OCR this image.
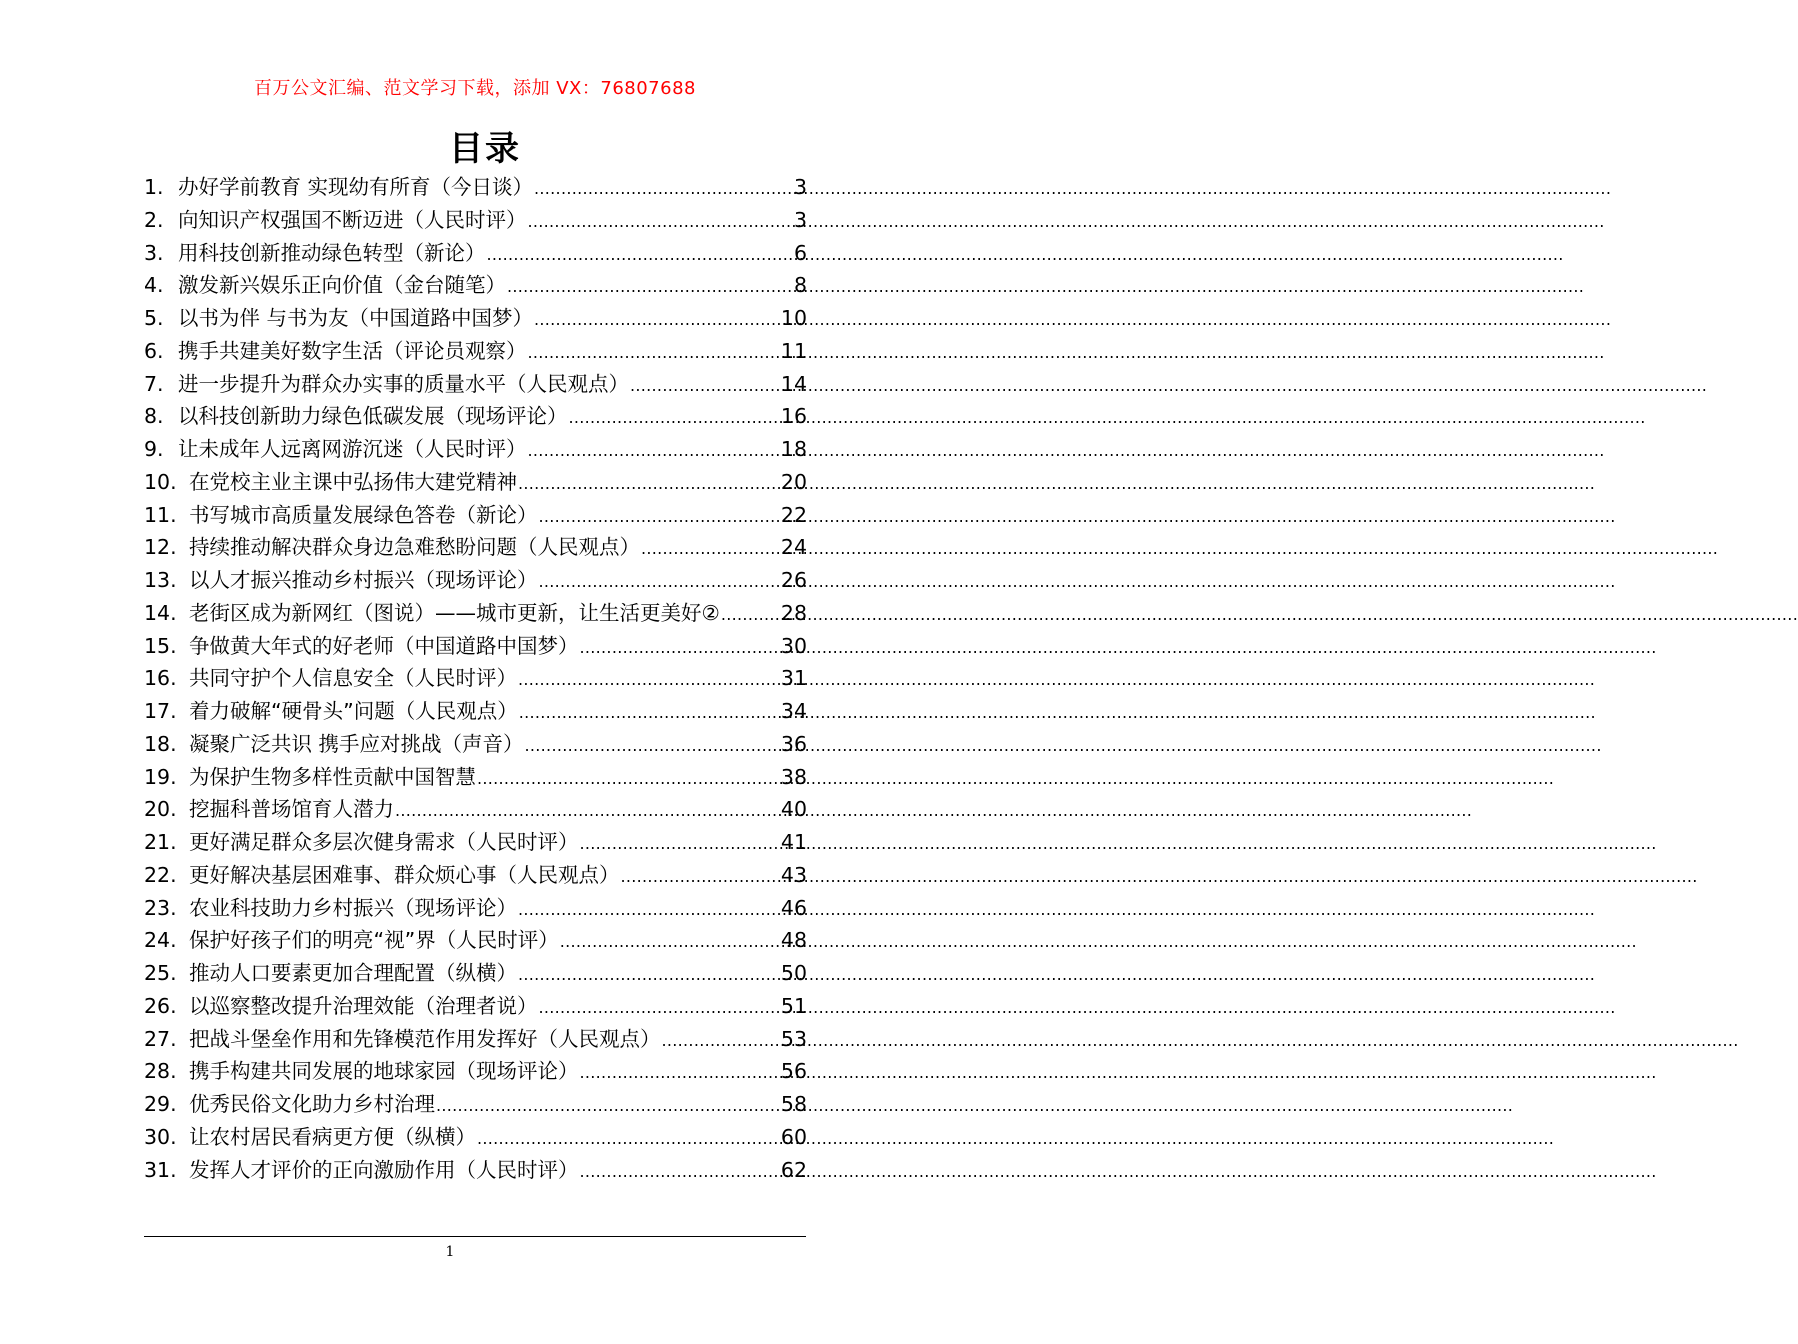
百万公文汇编、范文学习下载，添加 VX：76807688
目录
1. 办好学前教育 实现幼有所育（今日谈） .....	3
2. 向知识产权强国不断迈进（人民时评） .....	3
3. 用科技创新推动绿色转型（新论） .....	6
4. 激发新兴娱乐正向价值（金台随笔） .....	8
5. 以书为伴 与书为友（中国道路中国梦） .....	10
6. 携手共建美好数字生活（评论员观察） .....	11
7. 进一步提升为群众办实事的质量水平（人民观点） .....	14
8. 以科技创新助力绿色低碳发展（现场评论） .....	16
9. 让未成年人远离网游沉迷（人民时评） .....	18
10. 在党校主业主课中弘扬伟大建党精神 .....	20
11. 书写城市高质量发展绿色答卷（新论） .....	22
12. 持续推动解决群众身边急难愁盼问题（人民观点） .....	24
13. 以人才振兴推动乡村振兴（现场评论） .....	26
14. 老街区成为新网红（图说）——城市更新，让生活更美好② .....	28
15. 争做黄大年式的好老师（中国道路中国梦） .....	30
16. 共同守护个人信息安全（人民时评） .....	31
17. 着力破解“硬骨头”问题（人民观点） .....	34
18. 凝聚广泛共识 携手应对挑战（声音） .....	36
19. 为保护生物多样性贡献中国智慧 .....	38
20. 挖掘科普场馆育人潜力 .....	40
21. 更好满足群众多层次健身需求（人民时评） .....	41
22. 更好解决基层困难事、群众烦心事（人民观点） .....	43
23. 农业科技助力乡村振兴（现场评论） .....	46
24. 保护好孩子们的明亮“视”界（人民时评） .....	48
25. 推动人口要素更加合理配置（纵横） .....	50
26. 以巡察整改提升治理效能（治理者说） .....	51
27. 把战斗堡垒作用和先锋模范作用发挥好（人民观点） .....	53
28. 携手构建共同发展的地球家园（现场评论） .....	56
29. 优秀民俗文化助力乡村治理 .....	58
30. 让农村居民看病更方便（纵横） .....	60
31. 发挥人才评价的正向激励作用（人民时评） .....	62
1
